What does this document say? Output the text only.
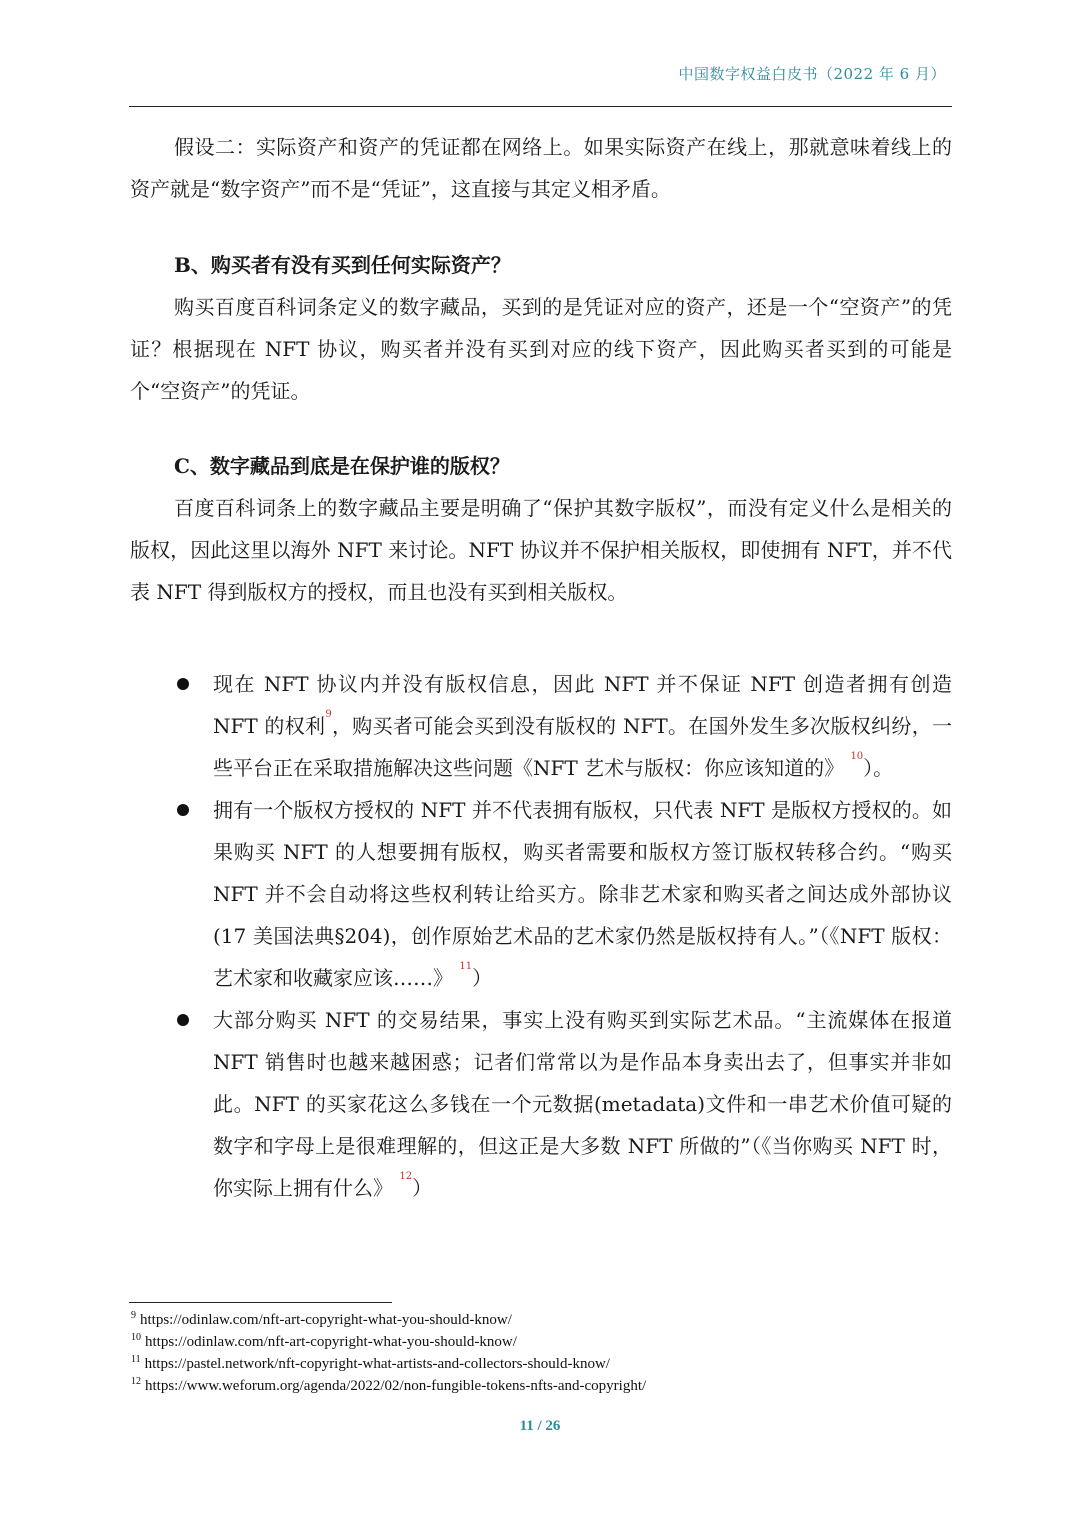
中国数字权益白皮书（2022 年 6 月）

假设二：实际资产和资产的凭证都在网络上。如果实际资产在线上，那就意味着线上的资产就是“数字资产”而不是“凭证”，这直接与其定义相矛盾。

B、购买者有没有买到任何实际资产？

购买百度百科词条定义的数字藏品，买到的是凭证对应的资产，还是一个“空资产”的凭证？根据现在 NFT 协议，购买者并没有买到对应的线下资产，因此购买者买到的可能是个“空资产”的凭证。

C、数字藏品到底是在保护谁的版权？

百度百科词条上的数字藏品主要是明确了“保护其数字版权”，而没有定义什么是相关的版权，因此这里以海外 NFT 来讨论。NFT 协议并不保护相关版权，即使拥有 NFT，并不代表 NFT 得到版权方的授权，而且也没有买到相关版权。

现在 NFT 协议内并没有版权信息，因此 NFT 并不保证 NFT 创造者拥有创造 NFT 的权利$^9$，购买者可能会买到没有版权的 NFT。在国外发生多次版权纠纷，一些平台正在采取措施解决这些问题《NFT 艺术与版权：你应该知道的》 $^{10}$）。
拥有一个版权方授权的 NFT 并不代表拥有版权，只代表 NFT 是版权方授权的。如果购买 NFT 的人想要拥有版权，购买者需要和版权方签订版权转移合约。“购买 NFT 并不会自动将这些权利转让给买方。除非艺术家和购买者之间达成外部协议(17 美国法典§204)，创作原始艺术品的艺术家仍然是版权持有人。”（《NFT 版权：艺术家和收藏家应该……》 $^{11}$）
大部分购买 NFT 的交易结果，事实上没有购买到实际艺术品。“主流媒体在报道 NFT 销售时也越来越困惑；记者们常常以为是作品本身卖出去了，但事实并非如此。NFT 的买家花这么多钱在一个元数据(metadata)文件和一串艺术价值可疑的数字和字母上是很难理解的，但这正是大多数 NFT 所做的”（《当你购买 NFT 时，你实际上拥有什么》 $^{12}$）
$^9$ https://odinlaw.com/nft-art-copyright-what-you-should-know/
$^{10}$ https://odinlaw.com/nft-art-copyright-what-you-should-know/
$^{11}$ https://pastel.network/nft-copyright-what-artists-and-collectors-should-know/
$^{12}$ https://www.weforum.org/agenda/2022/02/non-fungible-tokens-nfts-and-copyright/
11 / 26
